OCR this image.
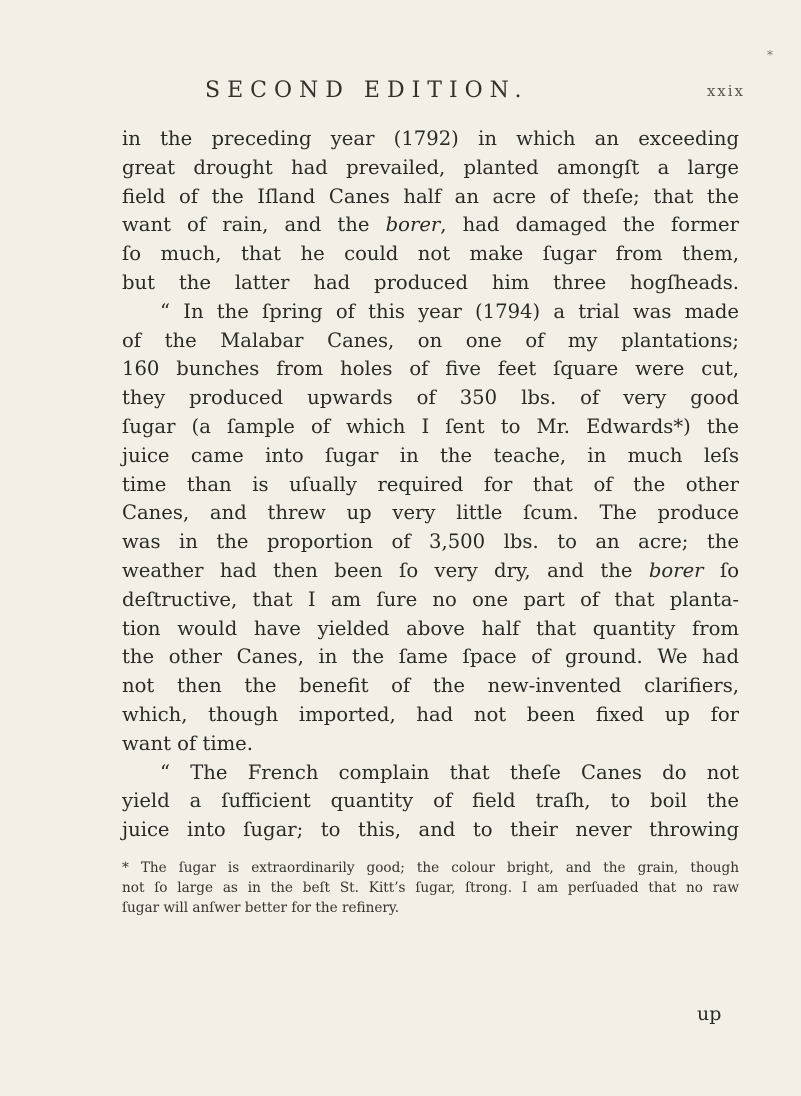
*
SECOND EDITION.	xxix
in the preceding year (1792) in which an exceeding
great drought had prevailed, planted amongſt a large
field of the Iſland Canes half an acre of theſe; that the
want of rain, and the borer, had damaged the former
ſo much, that he could not make ſugar from them,
but the latter had produced him three hogſheads.
“ In the ſpring of this year (1794) a trial was made
of the Malabar Canes, on one of my plantations;
160 bunches from holes of five feet ſquare were cut,
they produced upwards of 350 lbs. of very good
ſugar (a ſample of which I ſent to Mr. Edwards*) the
juice came into ſugar in the teache, in much leſs
time than is uſually required for that of the other
Canes, and threw up very little ſcum. The produce
was in the proportion of 3,500 lbs. to an acre; the
weather had then been ſo very dry, and the borer ſo
deſtructive, that I am ſure no one part of that planta-
tion would have yielded above half that quantity from
the other Canes, in the ſame ſpace of ground. We had
not then the benefit of the new-invented clarifiers,
which, though imported, had not been fixed up for
want of time.
“ The French complain that theſe Canes do not
yield a ſufficient quantity of field traſh, to boil the
juice into ſugar; to this, and to their never throwing
* The ſugar is extraordinarily good; the colour bright, and the grain, though
not ſo large as in the beſt St. Kitt’s ſugar, ſtrong. I am perſuaded that no raw
ſugar will anſwer better for the refinery.
up
